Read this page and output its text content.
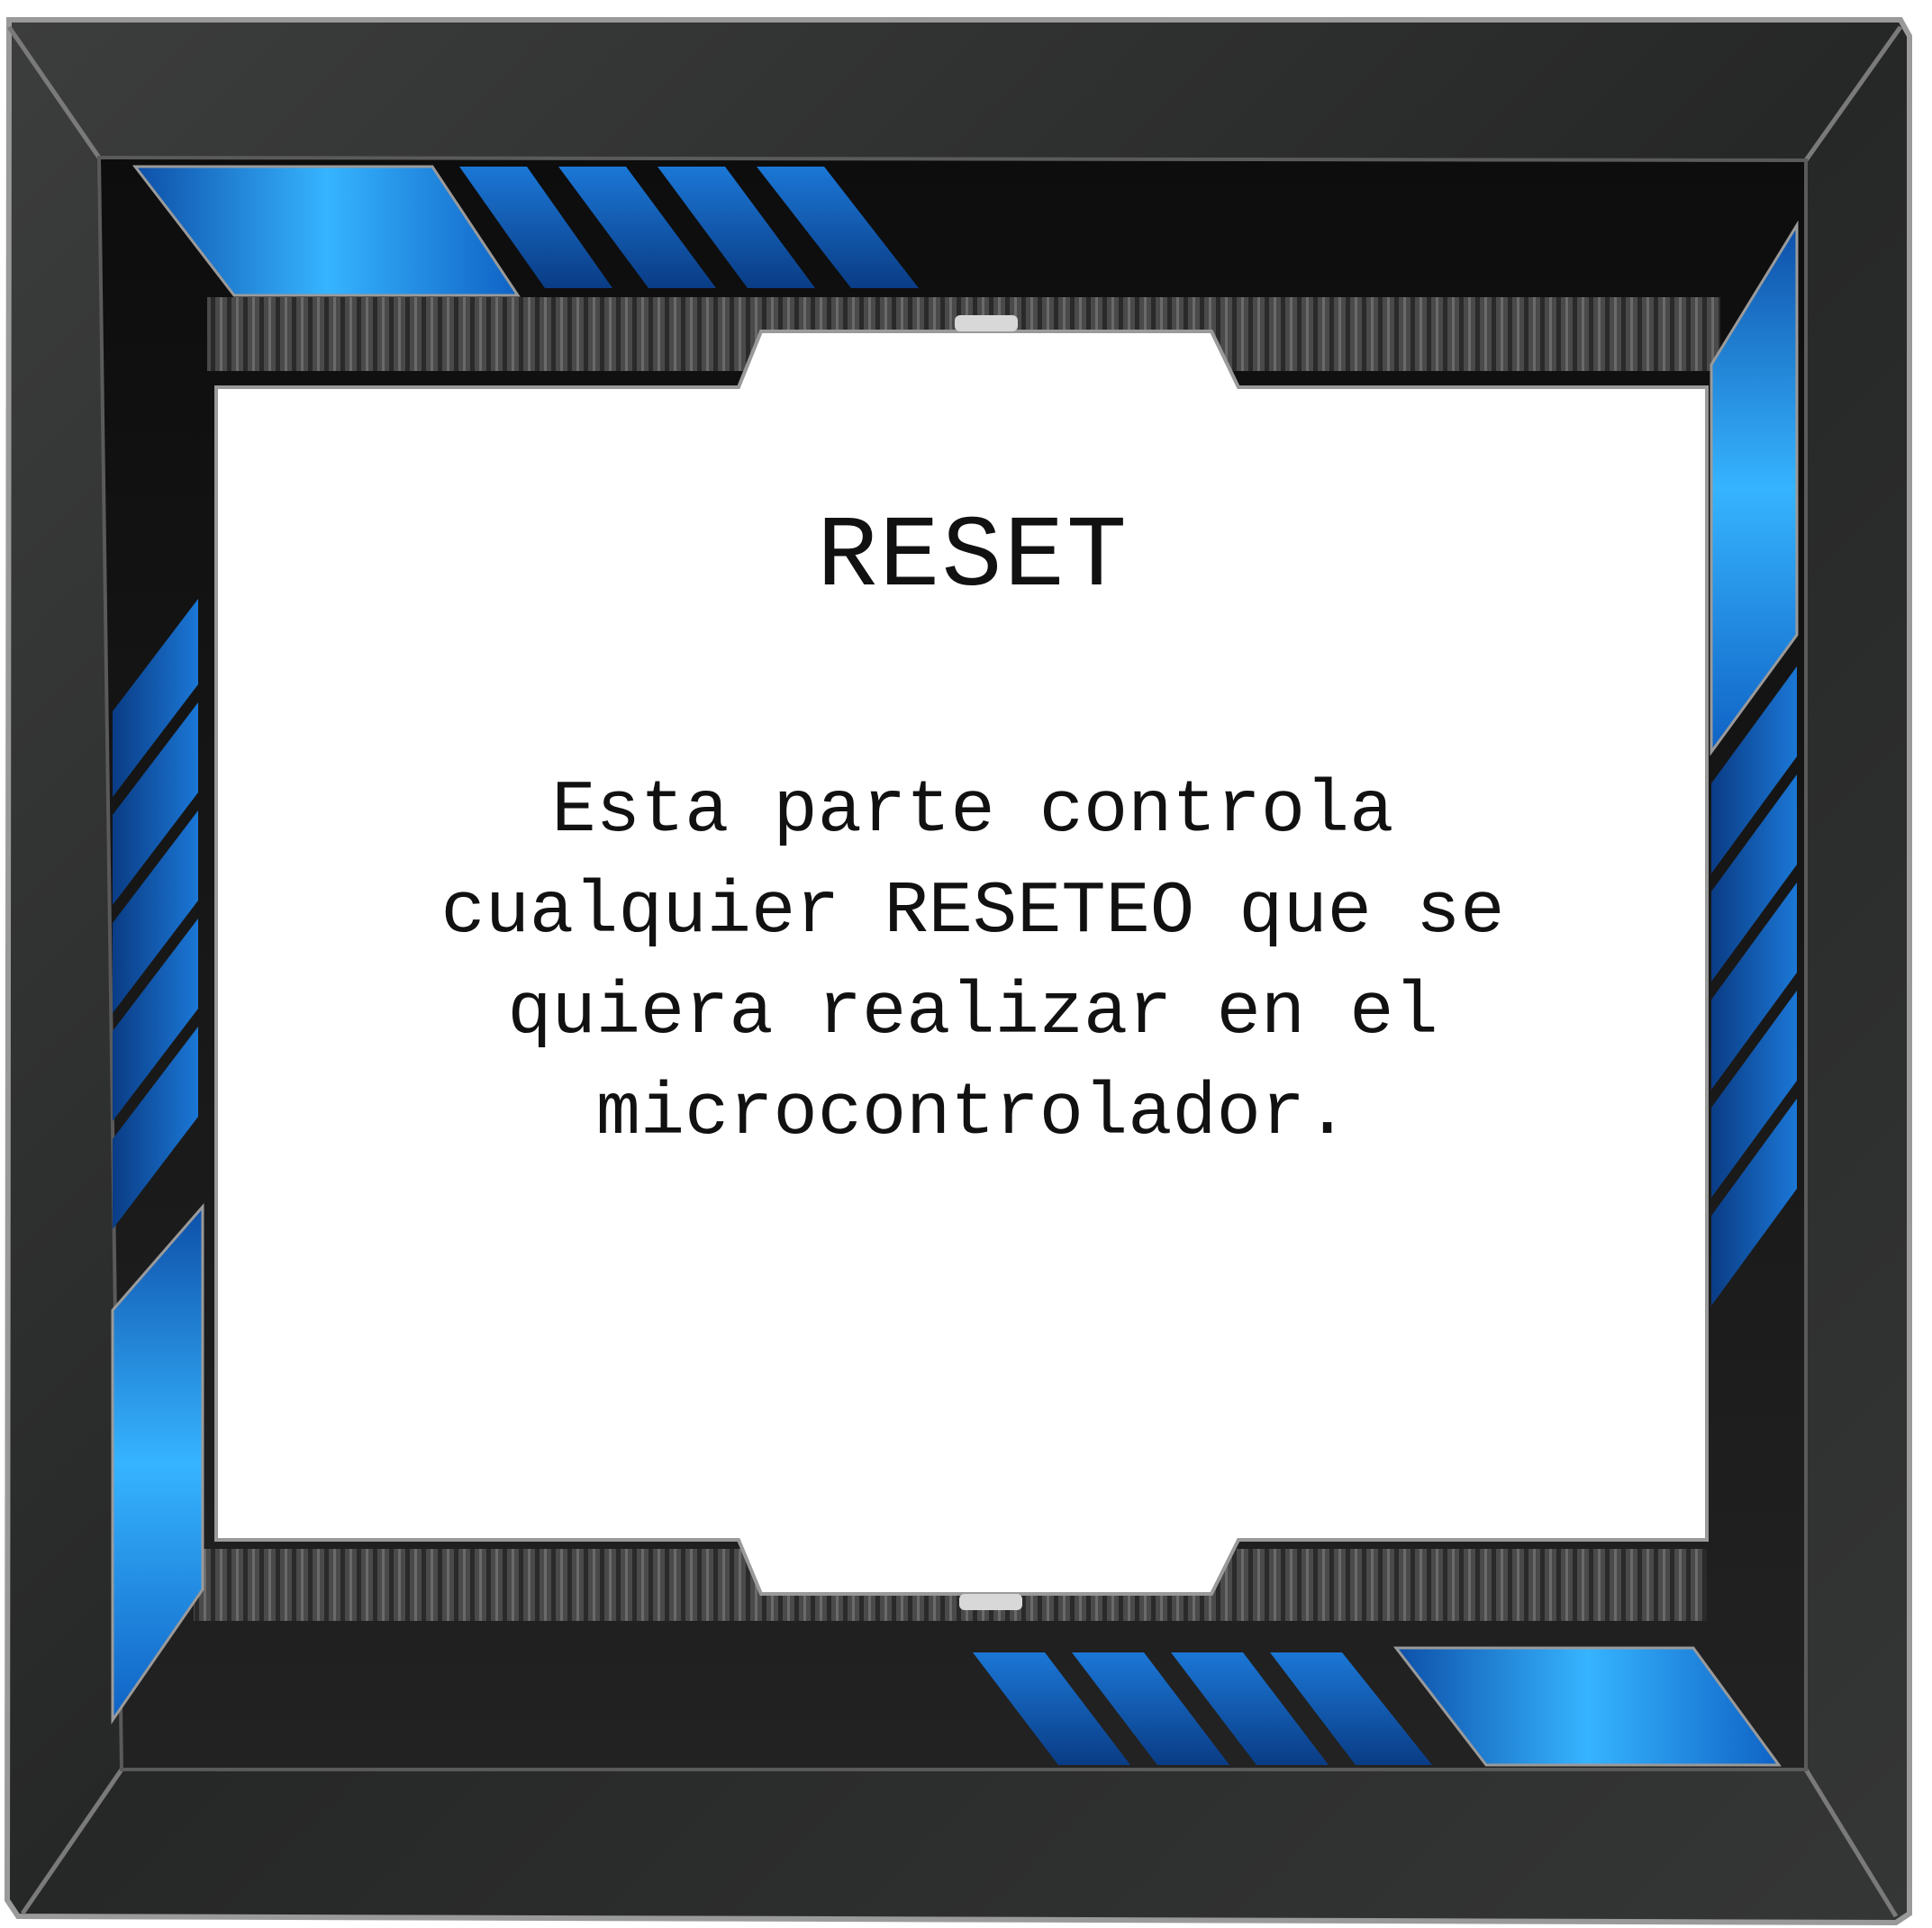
RESET
Esta parte controla cualquier RESETEO que se quiera realizar en el microcontrolador.
